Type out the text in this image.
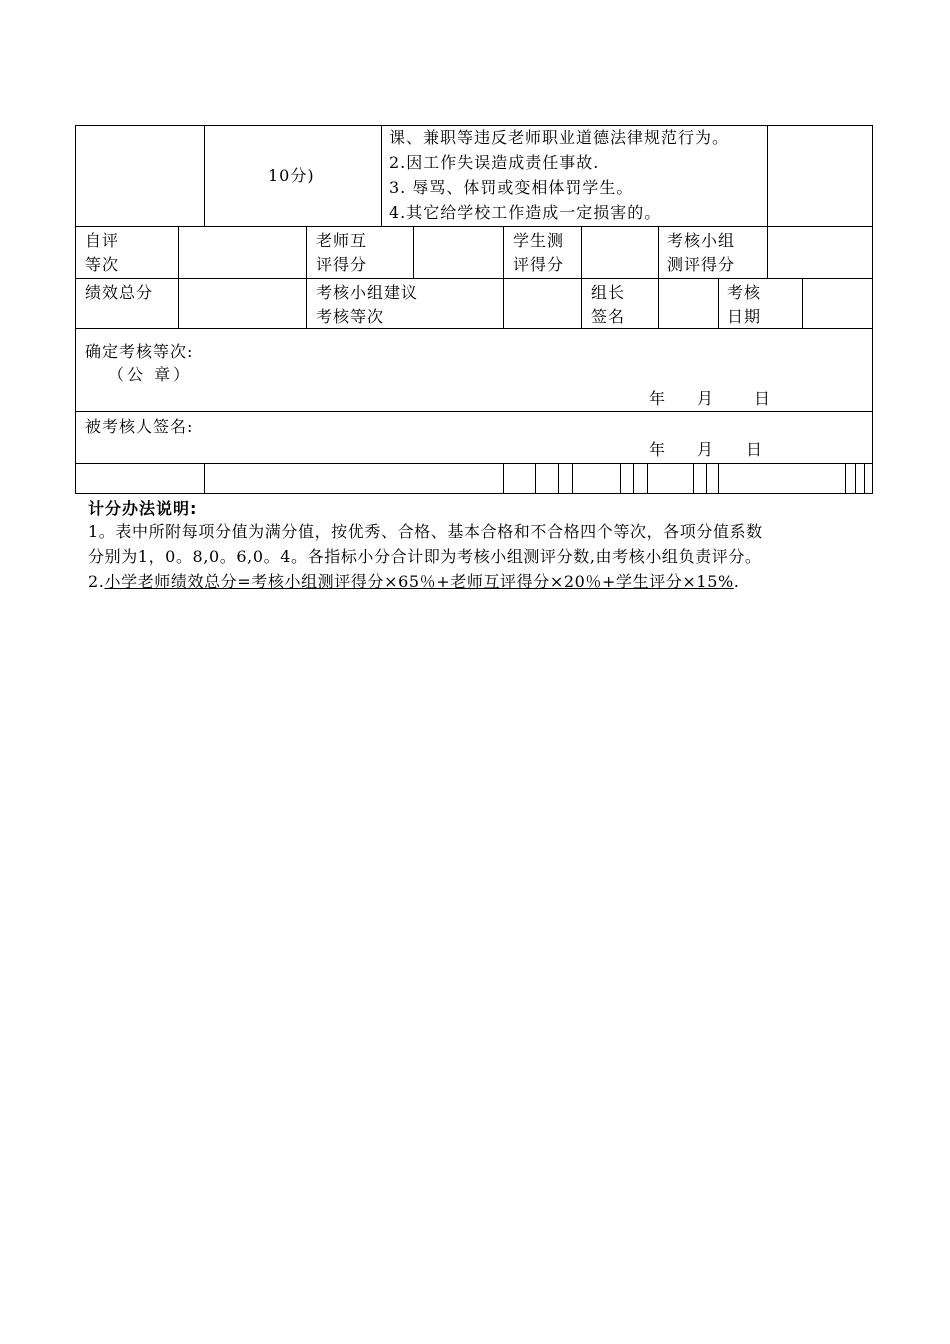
10分)
课、兼职等违反老师职业道德法律规范行为。
2.因工作失误造成责任事故.
3. 辱骂、体罚或变相体罚学生。
4.其它给学校工作造成一定损害的。
自评
等次
老师互
评得分
学生测
评得分
考核小组
测评得分
绩效总分	考核小组建议
考核等次
组长
签名
考核
日期
确定考核等次:
（公 章）
年 月 日
被考核人签名:
年 月 日
计分办法说明:
1。表中所附每项分值为满分值，按优秀、合格、基本合格和不合格四个等次，各项分值系数
分别为1，0。8,0。6,0。4。各指标小分合计即为考核小组测评分数,由考核小组负责评分。
2.小学老师绩效总分=考核小组测评得分×65％+老师互评得分×20％+学生评分×15%.
